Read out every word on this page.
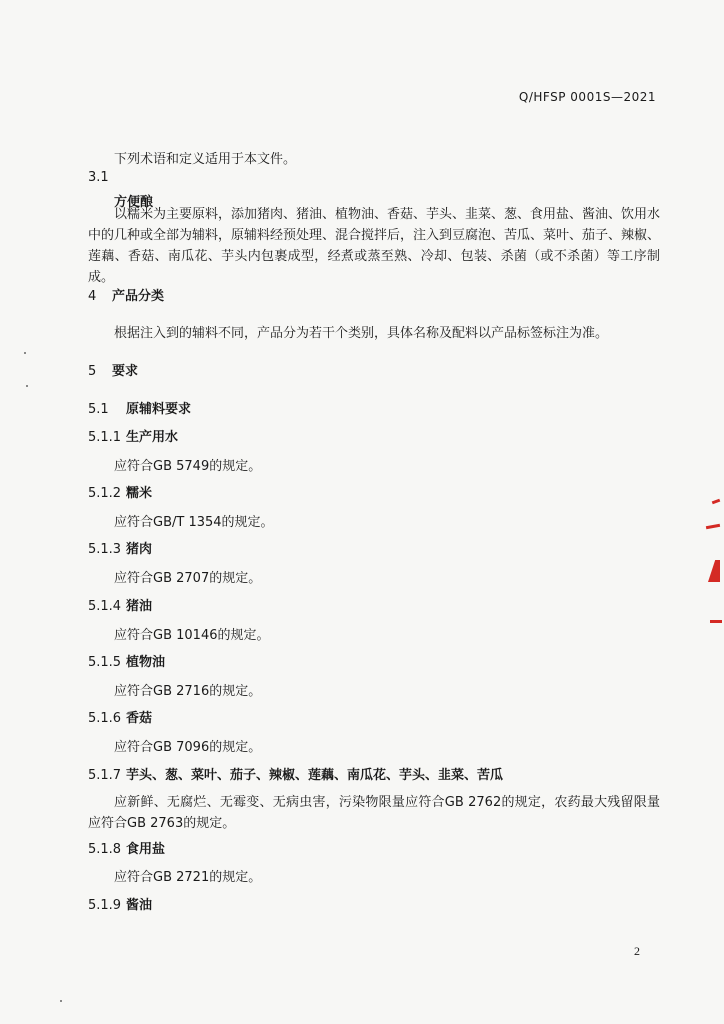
Q/HFSP 0001S—2021
下列术语和定义适用于本文件。
3.1
方便酿
以糯米为主要原料，添加猪肉、猪油、植物油、香菇、芋头、韭菜、葱、食用盐、酱油、饮用水中的几种或全部为辅料，原辅料经预处理、混合搅拌后，注入到豆腐泡、苦瓜、菜叶、茄子、辣椒、莲藕、香菇、南瓜花、芋头内包裹成型，经煮或蒸至熟、冷却、包装、杀菌（或不杀菌）等工序制成。
4 产品分类
根据注入到的辅料不同，产品分为若干个类别，具体名称及配料以产品标签标注为准。
5 要求
5.1 原辅料要求
5.1.1 生产用水
应符合GB 5749的规定。
5.1.2 糯米
应符合GB/T 1354的规定。
5.1.3 猪肉
应符合GB 2707的规定。
5.1.4 猪油
应符合GB 10146的规定。
5.1.5 植物油
应符合GB 2716的规定。
5.1.6 香菇
应符合GB 7096的规定。
5.1.7 芋头、葱、菜叶、茄子、辣椒、莲藕、南瓜花、芋头、韭菜、苦瓜
应新鲜、无腐烂、无霉变、无病虫害，污染物限量应符合GB 2762的规定，农药最大残留限量应符合GB 2763的规定。
5.1.8 食用盐
应符合GB 2721的规定。
5.1.9 酱油
2
